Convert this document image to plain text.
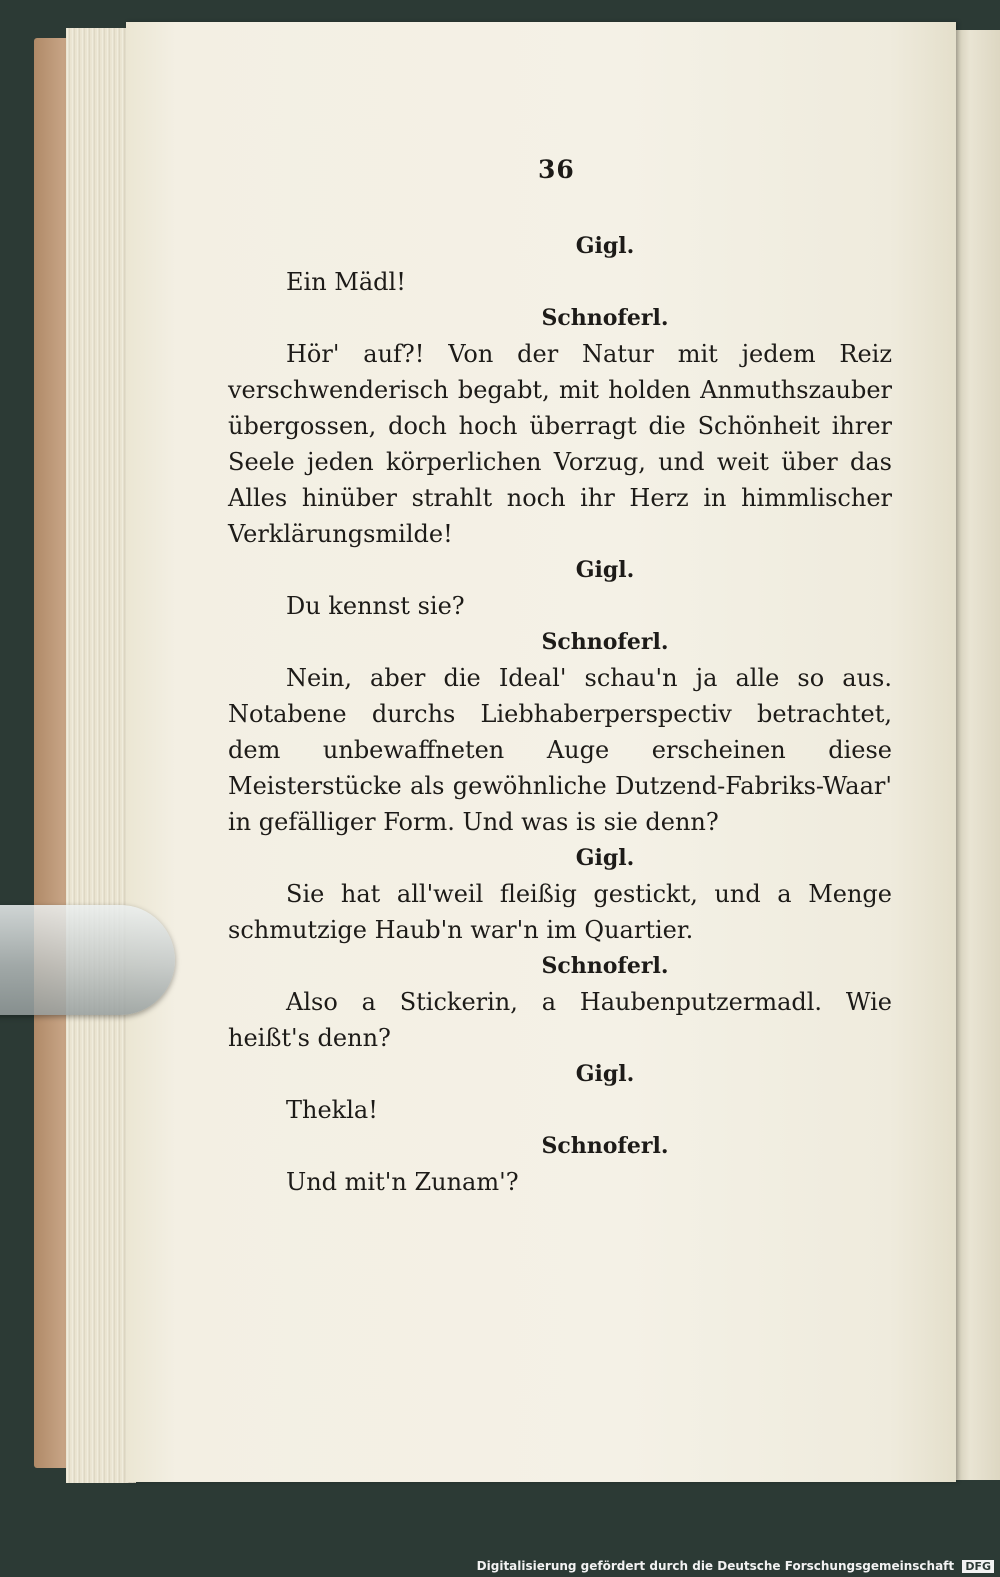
36
Gigl.
Ein Mädl!
Schnoferl.
Hör' auf?! Von der Natur mit jedem Reiz verschwenderisch begabt, mit holden Anmuthszauber übergossen, doch hoch überragt die Schönheit ihrer Seele jeden körperlichen Vorzug, und weit über das Alles hinüber strahlt noch ihr Herz in himmlischer Verklärungsmilde!
Gigl.
Du kennst sie?
Schnoferl.
Nein, aber die Ideal' schau'n ja alle so aus. Notabene durchs Liebhaberperspectiv betrachtet, dem unbewaffneten Auge erscheinen diese Meisterstücke als gewöhnliche Dutzend-Fabriks-Waar' in gefälliger Form. Und was is sie denn?
Gigl.
Sie hat all'weil fleißig gestickt, und a Menge schmutzige Haub'n war'n im Quartier.
Schnoferl.
Also a Stickerin, a Haubenputzermadl. Wie heißt's denn?
Gigl.
Thekla!
Schnoferl.
Und mit'n Zunam'?
Digitalisierung gefördert durch die Deutsche Forschungsgemeinschaft DFG
